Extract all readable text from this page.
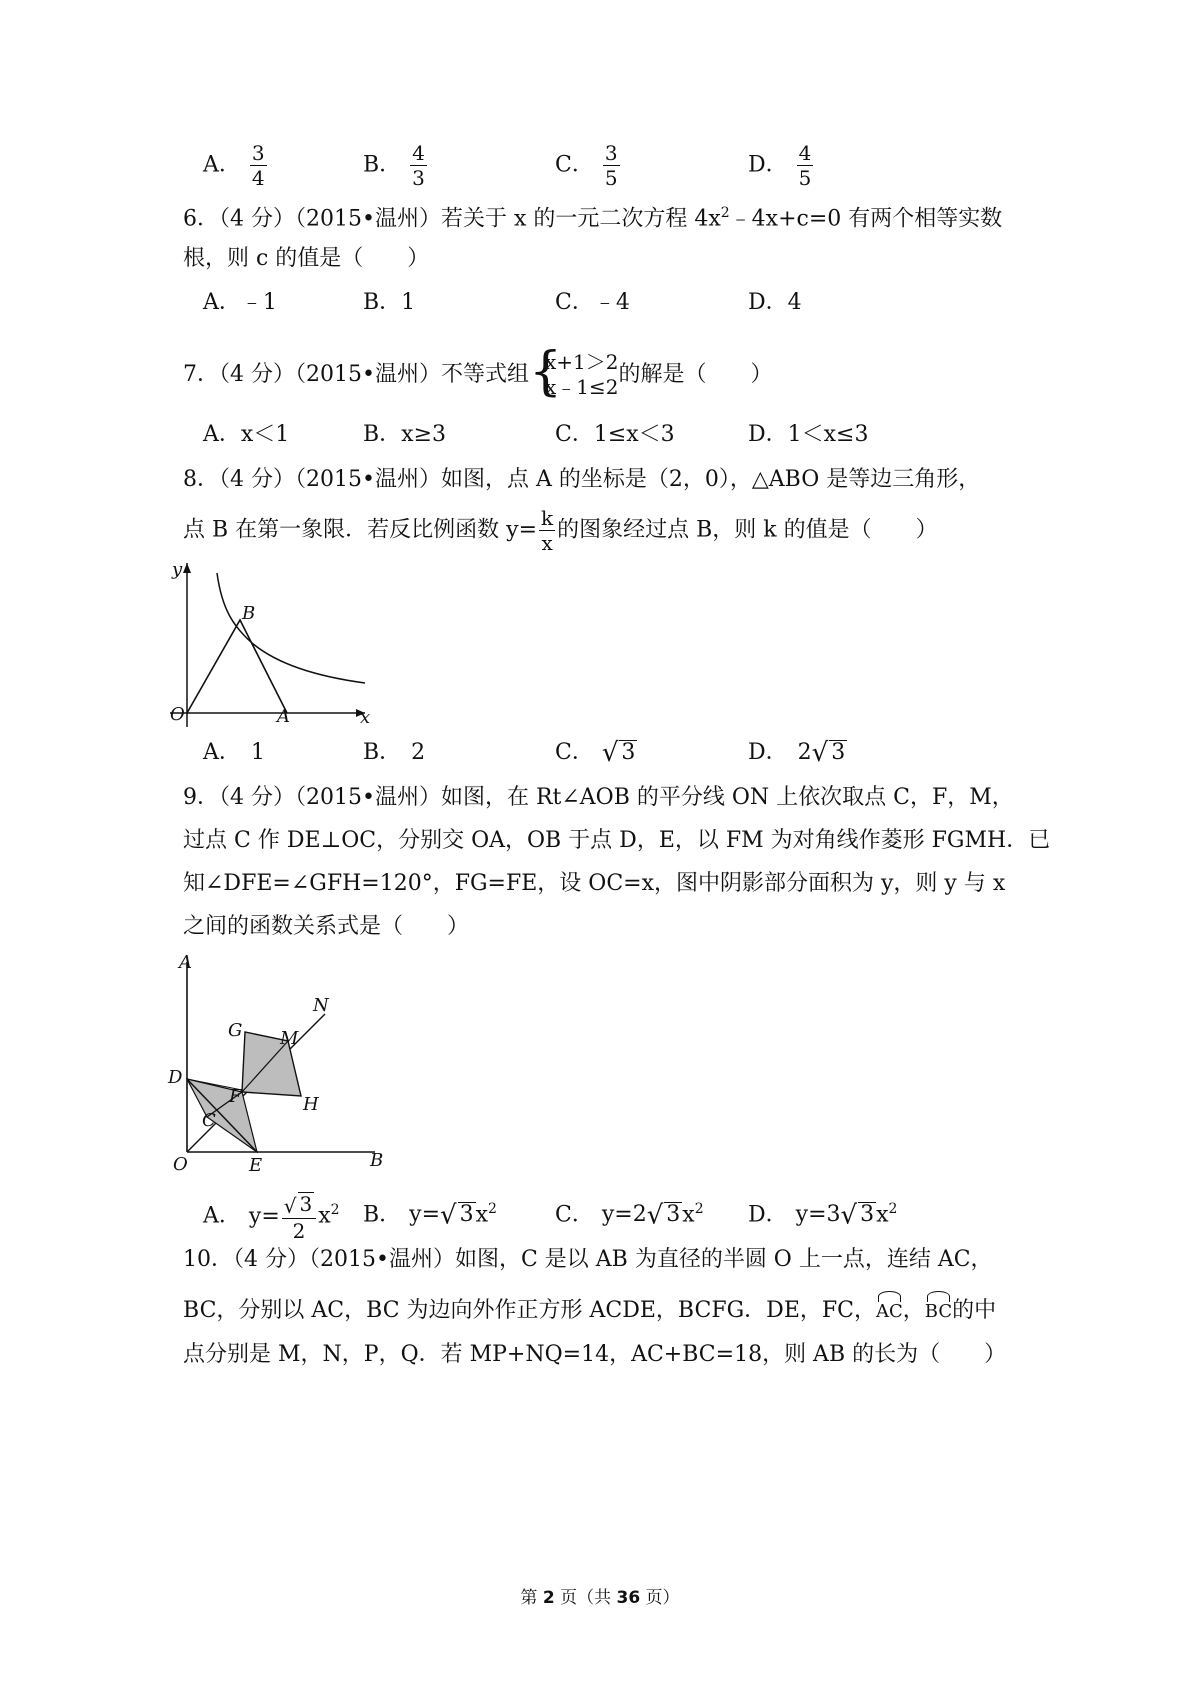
A． $\frac{3}{4}$	B． $\frac{4}{3}$	C． $\frac{3}{5}$	D． $\frac{4}{5}$
6．（4 分）（2015•温州）若关于 x 的一元二次方程 $4x^2﹣4x+c=0$ 有两个相等实数
根，则 c 的值是（　　）
A．﹣1	B．1	C．﹣4	D．4
7．（4 分）（2015•温州）不等式组 {
x+1＞2
x﹣1≤2 的解是（　　）
A．x＜1	B．x≥3	C．1≤x＜3	D．1＜x≤3
8．（4 分）（2015•温州）如图，点 A 的坐标是（2，0），△ABO 是等边三角形，
点 B 在第一象限．若反比例函数 $y= \frac{k}{x}$ 的图象经过点 B，则 k 的值是（　　）
y
x
O	A
B
A． 1	B． 2	C． √ 3	D． 2√ 3
9．（4 分）（2015•温州）如图，在 Rt∠AOB 的平分线 ON 上依次取点 C，F，M，
过点 C 作 DE⊥OC，分别交 OA，OB 于点 D，E，以 FM 为对角线作菱形 FGMH．已
知∠DFE=∠GFH=120°，FG=FE，设 OC=x，图中阴影部分面积为 y，则 y 与 x
之间的函数关系式是（　　）
A
N
G M
D
F	H
C
O	E	B
A． $y= \frac{√ 3}{2} x^2$ B． y=√ $3x^2$	C． y=2√ $3x^2$ D． y=3√ $3x^2$
10．（4 分）（2015•温州）如图，C 是以 AB 为直径的半圆 O 上一点，连结 AC，
BC，分别以 AC，BC 为边向外作正方形 ACDE，BCFG．DE，FC，AC，BC的中
点分别是 M，N，P，Q．若 MP+NQ=14，AC+BC=18，则 AB 的长为（　　）
第 2 页（共 36 页）
